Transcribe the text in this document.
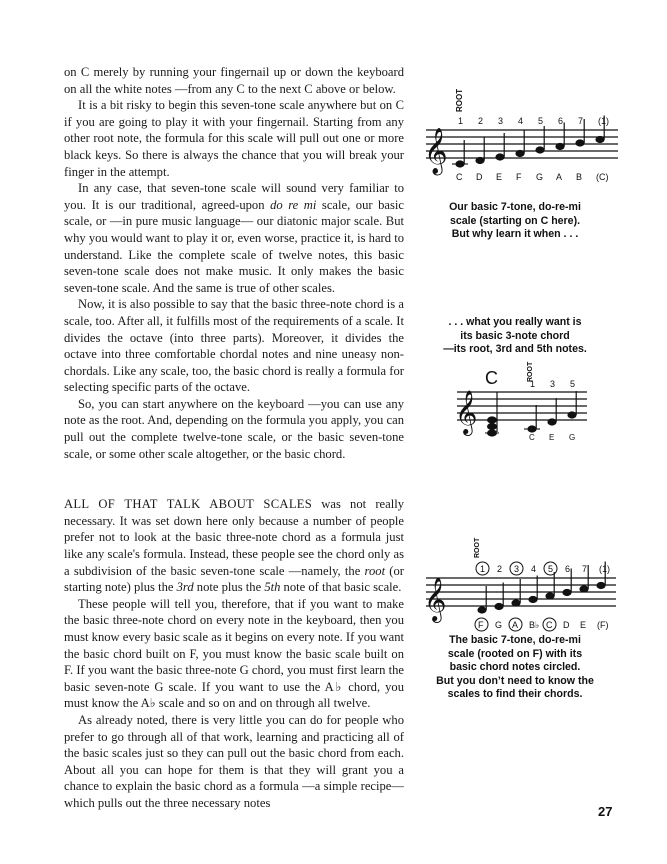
on C merely by running your fingernail up or down the keyboard on all the white notes —from any C to the next C above or below.

It is a bit risky to begin this seven-tone scale anywhere but on C if you are going to play it with your fingernail. Starting from any other root note, the formula for this scale will pull out one or more black keys. So there is always the chance that you will break your finger in the attempt.

In any case, that seven-tone scale will sound very familiar to you. It is our traditional, agreed-upon do re mi scale, our basic scale, or —in pure music language— our diatonic major scale. But why you would want to play it or, even worse, practice it, is hard to understand. Like the complete scale of twelve notes, this basic seven-tone scale does not make music. It only makes the basic seven-tone scale. And the same is true of other scales.

Now, it is also possible to say that the basic three-note chord is a scale, too. After all, it fulfills most of the requirements of a scale. It divides the octave (into three parts). Moreover, it divides the octave into three comfortable chordal notes and nine uneasy non-chordals. Like any scale, too, the basic chord is really a formula for selecting specific parts of the octave.

So, you can start anywhere on the keyboard —you can use any note as the root. And, depending on the formula you apply, you can pull out the complete twelve-tone scale, or the basic seven-tone scale, or some other scale altogether, or the basic chord.

ALL OF THAT TALK ABOUT SCALES was not really necessary. It was set down here only because a number of people prefer not to look at the basic three-note chord as a formula just like any scale's formula. Instead, these people see the chord only as a subdivision of the basic seven-tone scale —namely, the root (or starting note) plus the 3rd note plus the 5th note of that basic scale.

These people will tell you, therefore, that if you want to make the basic three-note chord on every note in the keyboard, then you must know every basic scale as it begins on every note. If you want the basic chord built on F, you must know the basic scale built on F. If you want the basic three-note G chord, you must first learn the basic seven-note G scale. If you want to use the A♭ chord, you must know the A♭ scale and so on and on through all twelve.

As already noted, there is very little you can do for people who prefer to go through all of that work, learning and practicing all of the basic scales just so they can pull out the basic chord from each. About all you can hope for them is that they will grant you a chance to explain the basic chord as a formula —a simple recipe— which pulls out the three necessary notes

𝄞
ROOT
1
C
2
D
3
E
4
F
5
G
6
A
7
B
(1)
(C)
Our basic 7-tone, do-re-mi
scale (starting on C here).
But why learn it when . . .
. . . what you really want is
its basic 3-note chord
—its root, 3rd and 5th notes.
𝄞
C	ROOT
1
C
3
E
5
G
𝄞
ROOT
1
F
2
G
3
A
4
B♭
5
C
6
D
7
E
(1)
(F)
The basic 7-tone, do-re-mi
scale (rooted on F) with its
basic chord notes circled.
But you don’t need to know the
scales to find their chords.
27
